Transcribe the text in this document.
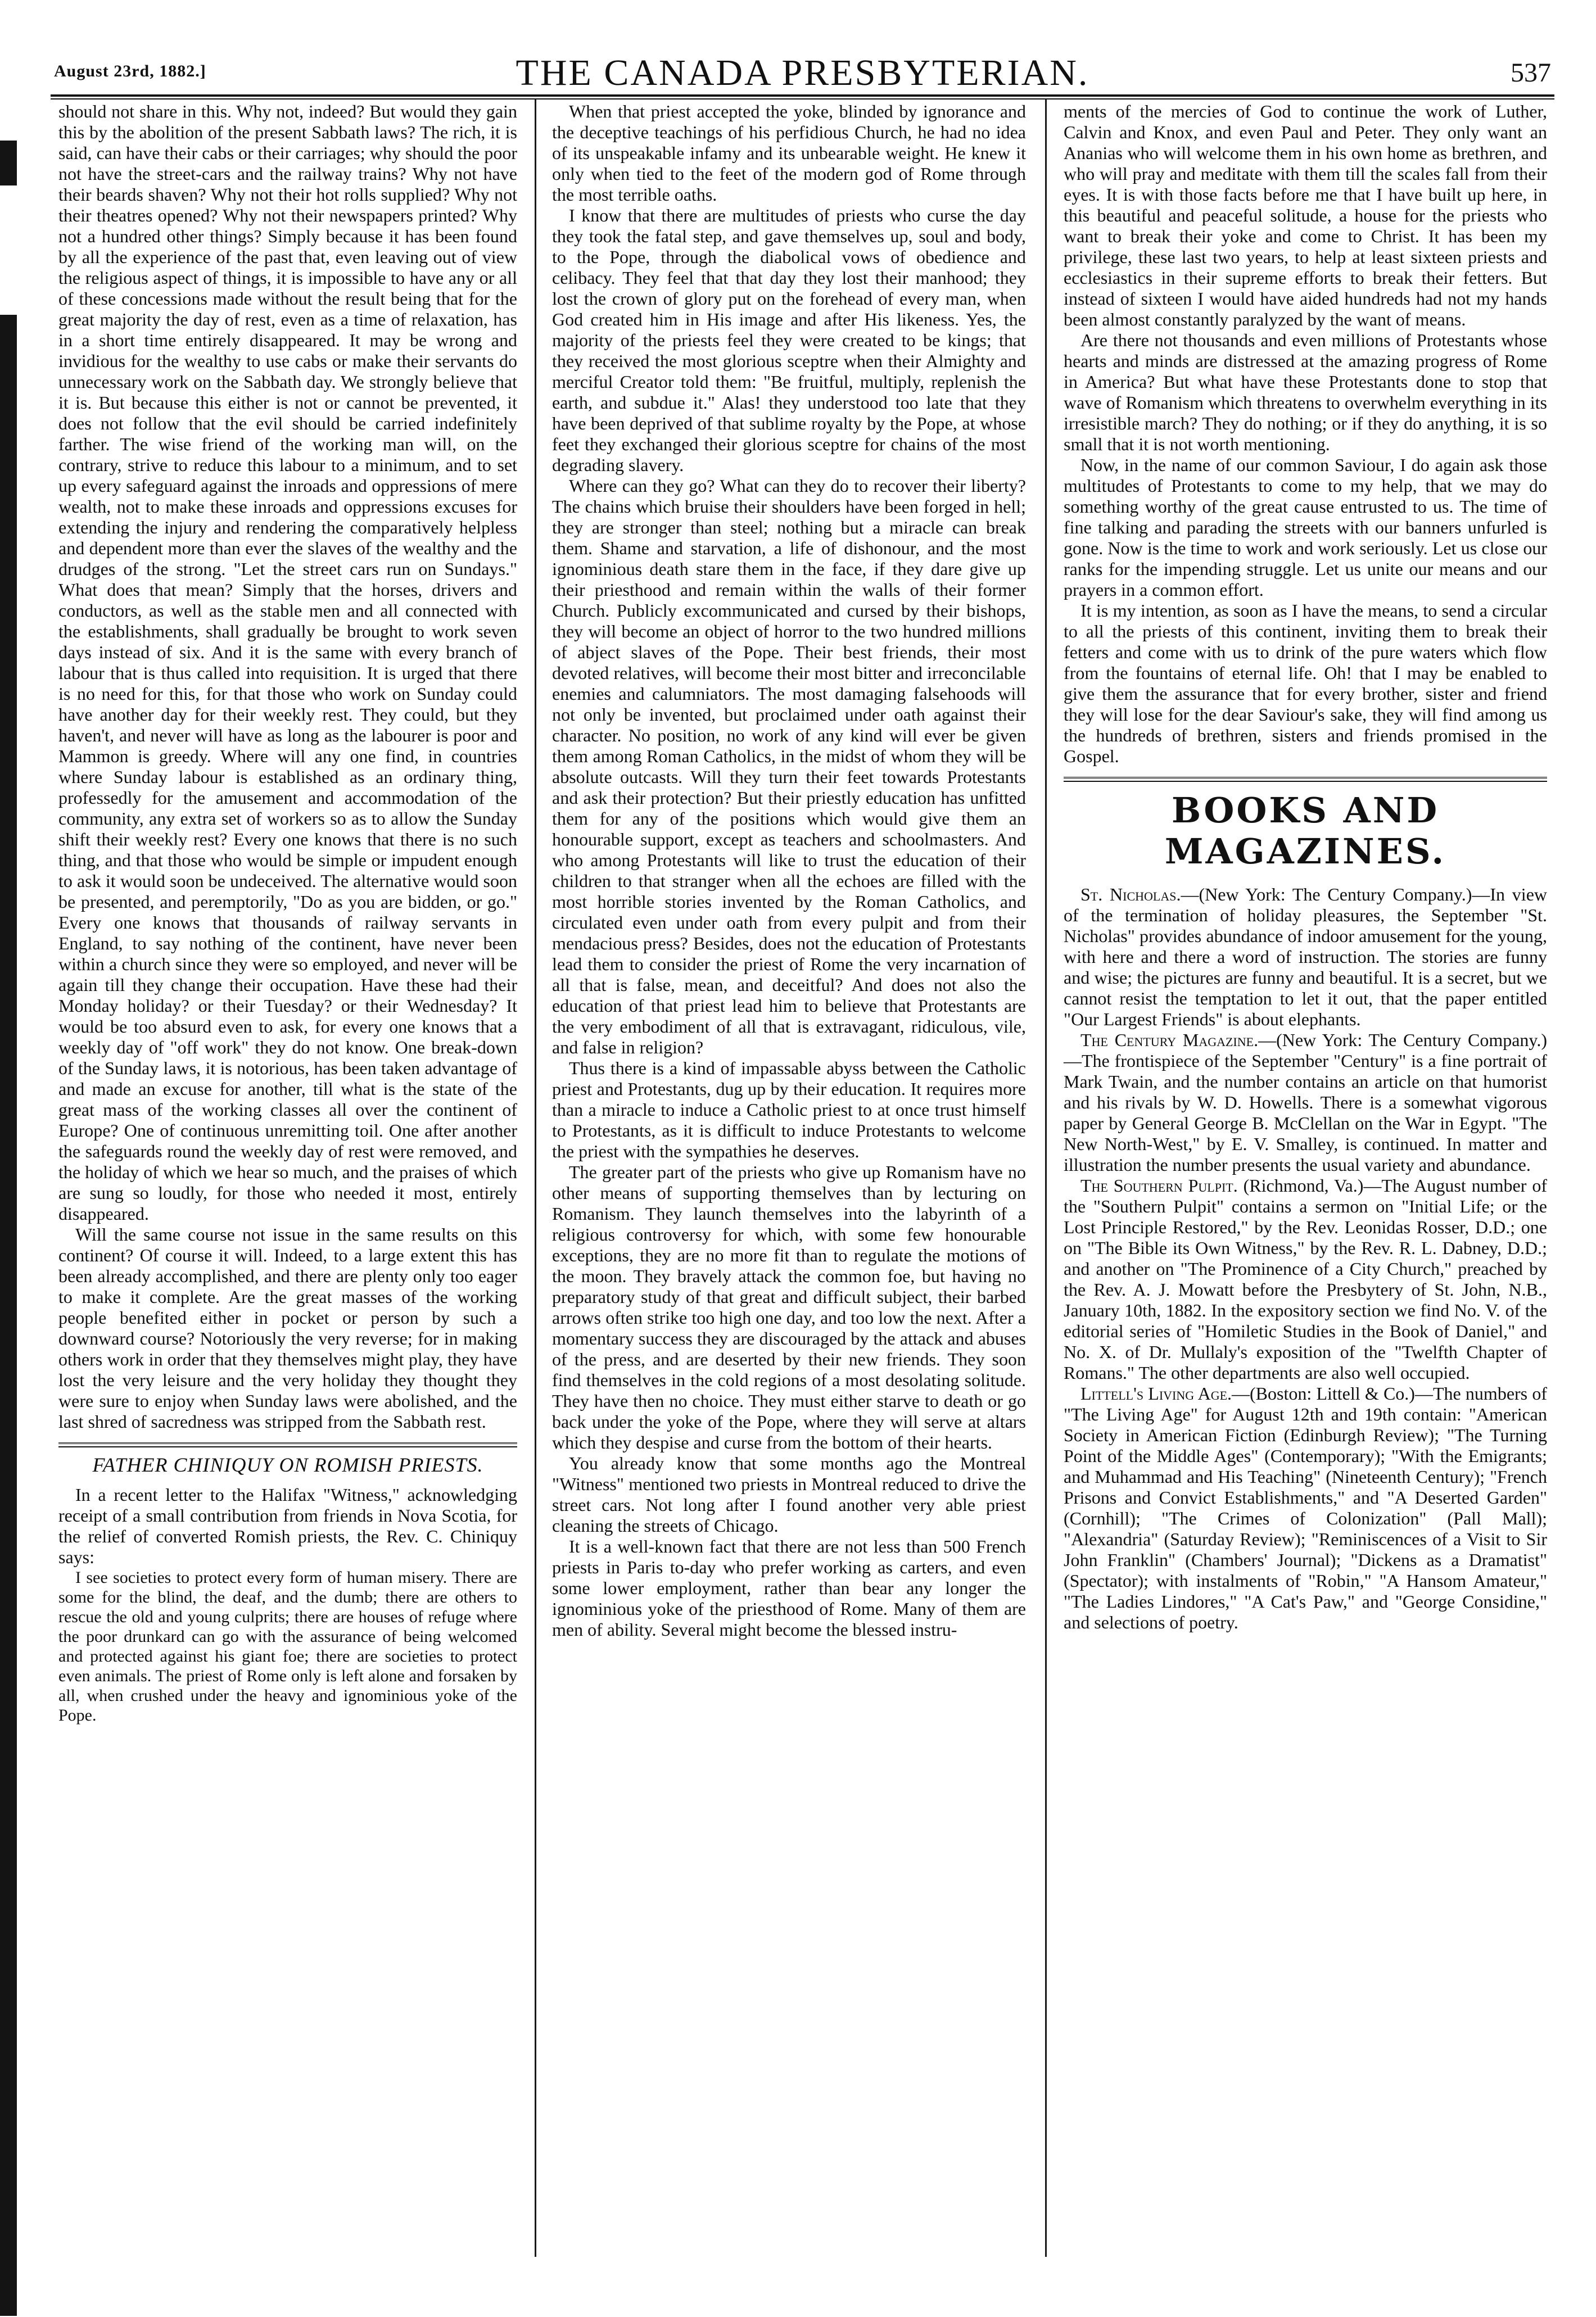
August 23rd, 1882.]	THE CANADA PRESBYTERIAN.	537

should not share in this. Why not, indeed? But would they gain this by the abolition of the present Sabbath laws? The rich, it is said, can have their cabs or their carriages; why should the poor not have the street-cars and the railway trains? Why not have their beards shaven? Why not their hot rolls supplied? Why not their theatres opened? Why not their newspapers printed? Why not a hundred other things? Simply because it has been found by all the experience of the past that, even leaving out of view the religious aspect of things, it is impossible to have any or all of these concessions made without the result being that for the great majority the day of rest, even as a time of relaxation, has in a short time entirely disappeared. It may be wrong and invidious for the wealthy to use cabs or make their servants do unnecessary work on the Sabbath day. We strongly believe that it is. But because this either is not or cannot be prevented, it does not follow that the evil should be carried indefinitely farther. The wise friend of the working man will, on the contrary, strive to reduce this labour to a minimum, and to set up every safeguard against the inroads and oppressions of mere wealth, not to make these inroads and oppressions excuses for extending the injury and rendering the comparatively helpless and dependent more than ever the slaves of the wealthy and the drudges of the strong. "Let the street cars run on Sundays." What does that mean? Simply that the horses, drivers and conductors, as well as the stable men and all connected with the establishments, shall gradually be brought to work seven days instead of six. And it is the same with every branch of labour that is thus called into requisition. It is urged that there is no need for this, for that those who work on Sunday could have another day for their weekly rest. They could, but they haven't, and never will have as long as the labourer is poor and Mammon is greedy. Where will any one find, in countries where Sunday labour is established as an ordinary thing, professedly for the amusement and accommodation of the community, any extra set of workers so as to allow the Sunday shift their weekly rest? Every one knows that there is no such thing, and that those who would be simple or impudent enough to ask it would soon be undeceived. The alternative would soon be presented, and peremptorily, "Do as you are bidden, or go." Every one knows that thousands of railway servants in England, to say nothing of the continent, have never been within a church since they were so employed, and never will be again till they change their occupation. Have these had their Monday holiday? or their Tuesday? or their Wednesday? It would be too absurd even to ask, for every one knows that a weekly day of "off work" they do not know. One break-down of the Sunday laws, it is notorious, has been taken advantage of and made an excuse for another, till what is the state of the great mass of the working classes all over the continent of Europe? One of continuous unremitting toil. One after another the safeguards round the weekly day of rest were removed, and the holiday of which we hear so much, and the praises of which are sung so loudly, for those who needed it most, entirely disappeared.

Will the same course not issue in the same results on this continent? Of course it will. Indeed, to a large extent this has been already accomplished, and there are plenty only too eager to make it complete. Are the great masses of the working people benefited either in pocket or person by such a downward course? Notoriously the very reverse; for in making others work in order that they themselves might play, they have lost the very leisure and the very holiday they thought they were sure to enjoy when Sunday laws were abolished, and the last shred of sacredness was stripped from the Sabbath rest.

FATHER CHINIQUY ON ROMISH PRIESTS.

In a recent letter to the Halifax "Witness," acknowledging receipt of a small contribution from friends in Nova Scotia, for the relief of converted Romish priests, the Rev. C. Chiniquy says:

I see societies to protect every form of human misery. There are some for the blind, the deaf, and the dumb; there are others to rescue the old and young culprits; there are houses of refuge where the poor drunkard can go with the assurance of being welcomed and protected against his giant foe; there are societies to protect even animals. The priest of Rome only is left alone and forsaken by all, when crushed under the heavy and ignominious yoke of the Pope.

When that priest accepted the yoke, blinded by ignorance and the deceptive teachings of his perfidious Church, he had no idea of its unspeakable infamy and its unbearable weight. He knew it only when tied to the feet of the modern god of Rome through the most terrible oaths.

I know that there are multitudes of priests who curse the day they took the fatal step, and gave themselves up, soul and body, to the Pope, through the diabolical vows of obedience and celibacy. They feel that that day they lost their manhood; they lost the crown of glory put on the forehead of every man, when God created him in His image and after His likeness. Yes, the majority of the priests feel they were created to be kings; that they received the most glorious sceptre when their Almighty and merciful Creator told them: "Be fruitful, multiply, replenish the earth, and subdue it." Alas! they understood too late that they have been deprived of that sublime royalty by the Pope, at whose feet they exchanged their glorious sceptre for chains of the most degrading slavery.

Where can they go? What can they do to recover their liberty? The chains which bruise their shoulders have been forged in hell; they are stronger than steel; nothing but a miracle can break them. Shame and starvation, a life of dishonour, and the most ignominious death stare them in the face, if they dare give up their priesthood and remain within the walls of their former Church. Publicly excommunicated and cursed by their bishops, they will become an object of horror to the two hundred millions of abject slaves of the Pope. Their best friends, their most devoted relatives, will become their most bitter and irreconcilable enemies and calumniators. The most damaging falsehoods will not only be invented, but proclaimed under oath against their character. No position, no work of any kind will ever be given them among Roman Catholics, in the midst of whom they will be absolute outcasts. Will they turn their feet towards Protestants and ask their protection? But their priestly education has unfitted them for any of the positions which would give them an honourable support, except as teachers and schoolmasters. And who among Protestants will like to trust the education of their children to that stranger when all the echoes are filled with the most horrible stories invented by the Roman Catholics, and circulated even under oath from every pulpit and from their mendacious press? Besides, does not the education of Protestants lead them to consider the priest of Rome the very incarnation of all that is false, mean, and deceitful? And does not also the education of that priest lead him to believe that Protestants are the very embodiment of all that is extravagant, ridiculous, vile, and false in religion?

Thus there is a kind of impassable abyss between the Catholic priest and Protestants, dug up by their education. It requires more than a miracle to induce a Catholic priest to at once trust himself to Protestants, as it is difficult to induce Protestants to welcome the priest with the sympathies he deserves.

The greater part of the priests who give up Romanism have no other means of supporting themselves than by lecturing on Romanism. They launch themselves into the labyrinth of a religious controversy for which, with some few honourable exceptions, they are no more fit than to regulate the motions of the moon. They bravely attack the common foe, but having no preparatory study of that great and difficult subject, their barbed arrows often strike too high one day, and too low the next. After a momentary success they are discouraged by the attack and abuses of the press, and are deserted by their new friends. They soon find themselves in the cold regions of a most desolating solitude. They have then no choice. They must either starve to death or go back under the yoke of the Pope, where they will serve at altars which they despise and curse from the bottom of their hearts.

You already know that some months ago the Montreal "Witness" mentioned two priests in Montreal reduced to drive the street cars. Not long after I found another very able priest cleaning the streets of Chicago.

It is a well-known fact that there are not less than 500 French priests in Paris to-day who prefer working as carters, and even some lower employment, rather than bear any longer the ignominious yoke of the priesthood of Rome. Many of them are men of ability. Several might become the blessed instru-

ments of the mercies of God to continue the work of Luther, Calvin and Knox, and even Paul and Peter. They only want an Ananias who will welcome them in his own home as brethren, and who will pray and meditate with them till the scales fall from their eyes. It is with those facts before me that I have built up here, in this beautiful and peaceful solitude, a house for the priests who want to break their yoke and come to Christ. It has been my privilege, these last two years, to help at least sixteen priests and ecclesiastics in their supreme efforts to break their fetters. But instead of sixteen I would have aided hundreds had not my hands been almost constantly paralyzed by the want of means.

Are there not thousands and even millions of Protestants whose hearts and minds are distressed at the amazing progress of Rome in America? But what have these Protestants done to stop that wave of Romanism which threatens to overwhelm everything in its irresistible march? They do nothing; or if they do anything, it is so small that it is not worth mentioning.

Now, in the name of our common Saviour, I do again ask those multitudes of Protestants to come to my help, that we may do something worthy of the great cause entrusted to us. The time of fine talking and parading the streets with our banners unfurled is gone. Now is the time to work and work seriously. Let us close our ranks for the impending struggle. Let us unite our means and our prayers in a common effort.

It is my intention, as soon as I have the means, to send a circular to all the priests of this continent, inviting them to break their fetters and come with us to drink of the pure waters which flow from the fountains of eternal life. Oh! that I may be enabled to give them the assurance that for every brother, sister and friend they will lose for the dear Saviour's sake, they will find among us the hundreds of brethren, sisters and friends promised in the Gospel.

BOOKS AND MAGAZINES.

St. Nicholas.—(New York: The Century Company.)—In view of the termination of holiday pleasures, the September "St. Nicholas" provides abundance of indoor amusement for the young, with here and there a word of instruction. The stories are funny and wise; the pictures are funny and beautiful. It is a secret, but we cannot resist the temptation to let it out, that the paper entitled "Our Largest Friends" is about elephants.

The Century Magazine.—(New York: The Century Company.)—The frontispiece of the September "Century" is a fine portrait of Mark Twain, and the number contains an article on that humorist and his rivals by W. D. Howells. There is a somewhat vigorous paper by General George B. McClellan on the War in Egypt. "The New North-West," by E. V. Smalley, is continued. In matter and illustration the number presents the usual variety and abundance.

The Southern Pulpit. (Richmond, Va.)—The August number of the "Southern Pulpit" contains a sermon on "Initial Life; or the Lost Principle Restored," by the Rev. Leonidas Rosser, D.D.; one on "The Bible its Own Witness," by the Rev. R. L. Dabney, D.D.; and another on "The Prominence of a City Church," preached by the Rev. A. J. Mowatt before the Presbytery of St. John, N.B., January 10th, 1882. In the expository section we find No. V. of the editorial series of "Homiletic Studies in the Book of Daniel," and No. X. of Dr. Mullaly's exposition of the "Twelfth Chapter of Romans." The other departments are also well occupied.

Littell's Living Age.—(Boston: Littell & Co.)—The numbers of "The Living Age" for August 12th and 19th contain: "American Society in American Fiction (Edinburgh Review); "The Turning Point of the Middle Ages" (Contemporary); "With the Emigrants; and Muhammad and His Teaching" (Nineteenth Century); "French Prisons and Convict Establishments," and "A Deserted Garden" (Cornhill); "The Crimes of Colonization" (Pall Mall); "Alexandria" (Saturday Review); "Reminiscences of a Visit to Sir John Franklin" (Chambers' Journal); "Dickens as a Dramatist" (Spectator); with instalments of "Robin," "A Hansom Amateur," "The Ladies Lindores," "A Cat's Paw," and "George Considine," and selections of poetry.
